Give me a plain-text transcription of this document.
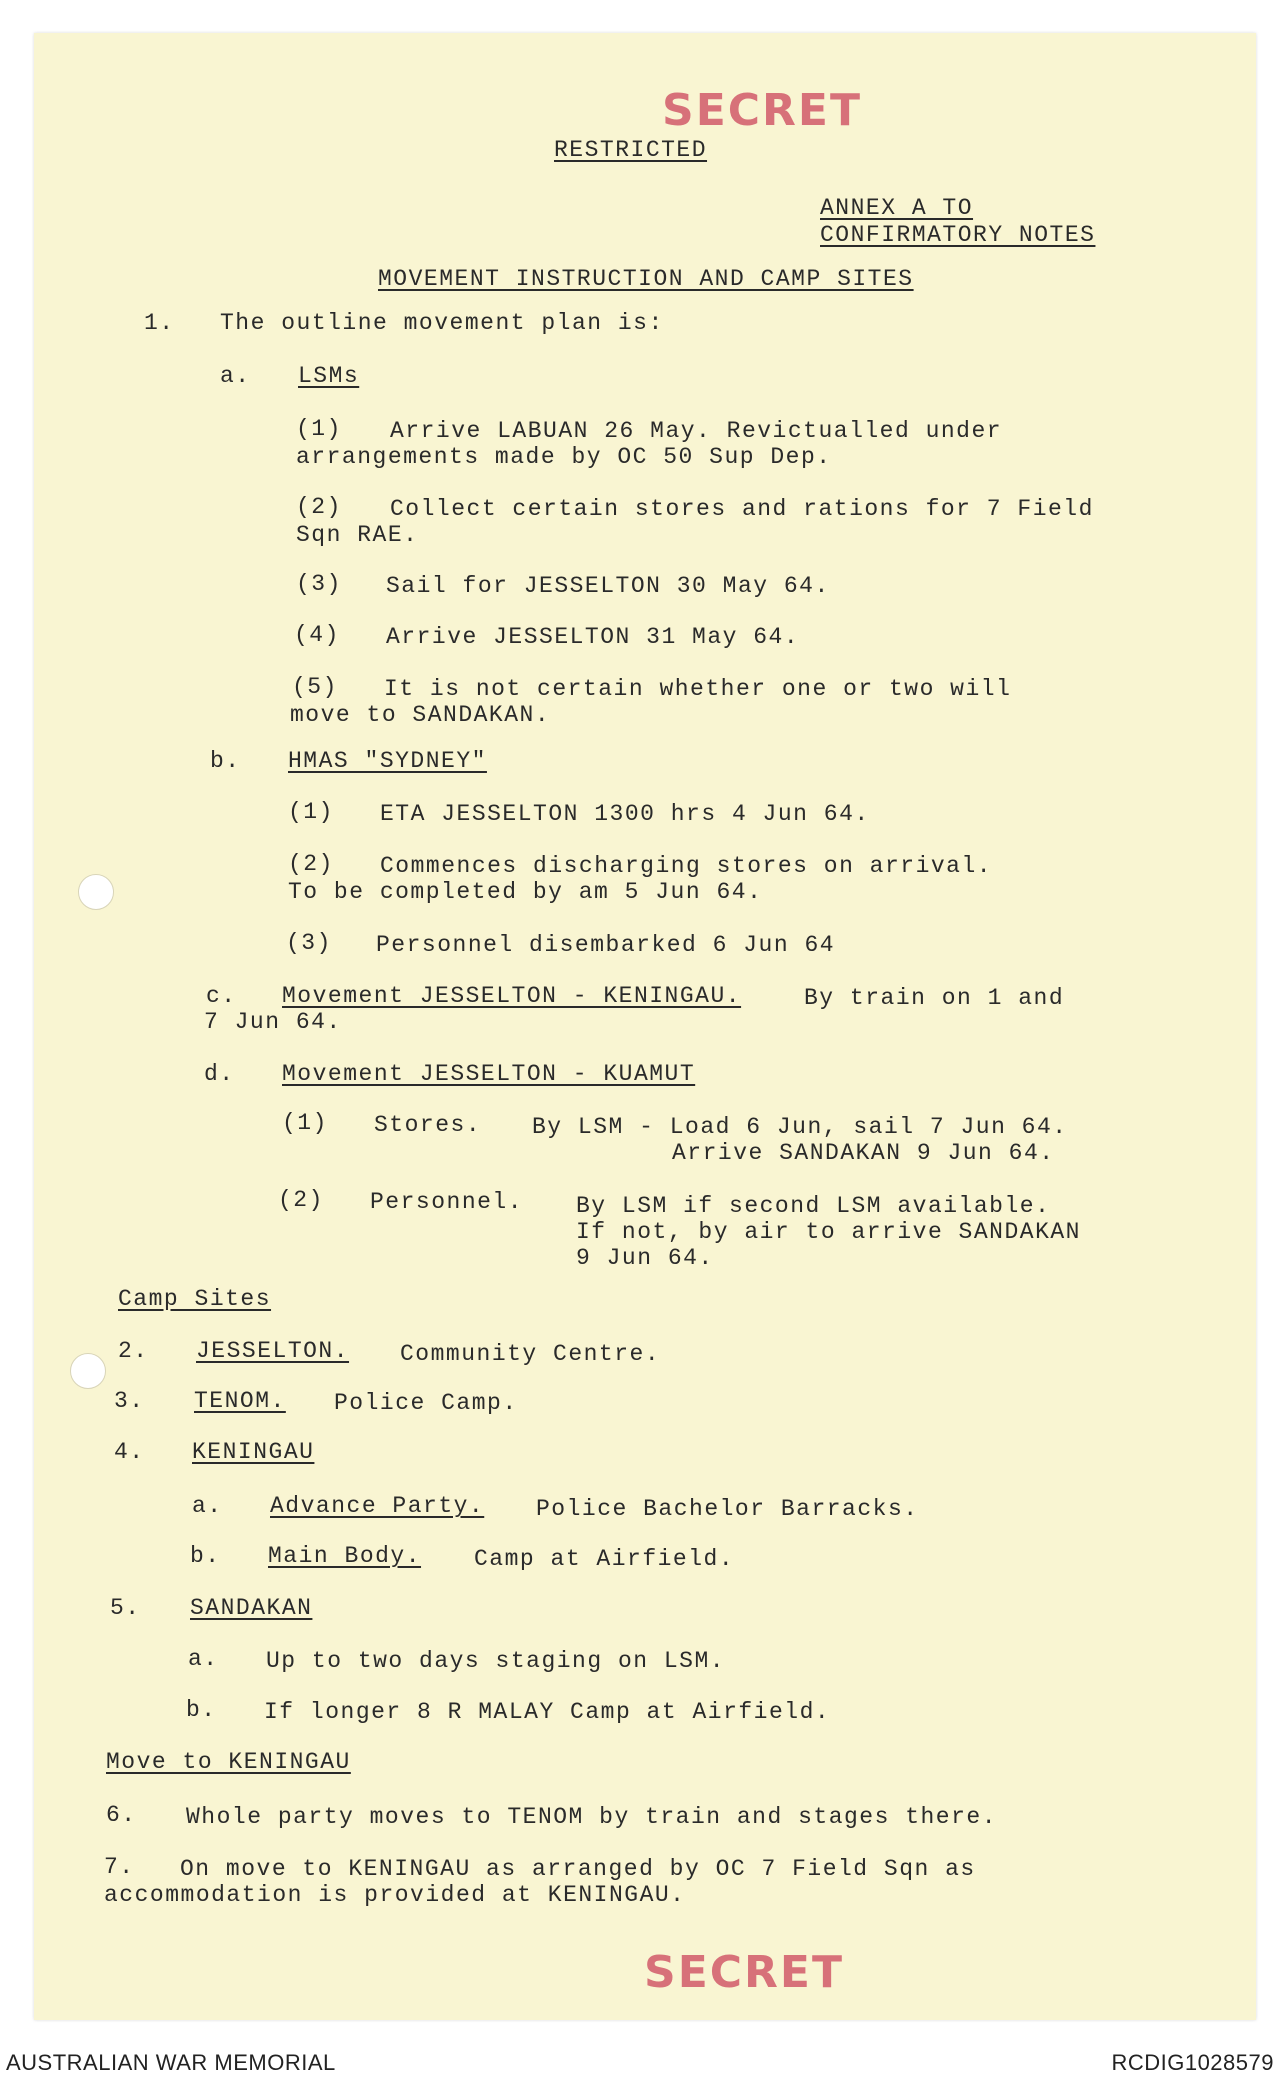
SECRET
RESTRICTED
ANNEX A TO
CONFIRMATORY NOTES
MOVEMENT INSTRUCTION AND CAMP SITES
1. The outline movement plan is:
a. LSMs
(1) Arrive LABUAN 26 May. Revictualled under
arrangements made by OC 50 Sup Dep.
(2) Collect certain stores and rations for 7 Field
Sqn RAE.
(3) Sail for JESSELTON 30 May 64.
(4) Arrive JESSELTON 31 May 64.
(5) It is not certain whether one or two will
move to SANDAKAN.
b. HMAS "SYDNEY"
(1) ETA JESSELTON 1300 hrs 4 Jun 64.
(2) Commences discharging stores on arrival.
To be completed by am 5 Jun 64.
(3) Personnel disembarked 6 Jun 64
c. Movement JESSELTON - KENINGAU.	By train on 1 and
7 Jun 64.
d. Movement JESSELTON - KUAMUT
(1) Stores. By LSM - Load 6 Jun, sail 7 Jun 64.
Arrive SANDAKAN 9 Jun 64.
(2) Personnel. By LSM if second LSM available.
If not, by air to arrive SANDAKAN
9 Jun 64.
Camp Sites
2. JESSELTON. Community Centre.
3. TENOM. Police Camp.
4. KENINGAU
a. Advance Party. Police Bachelor Barracks.
b. Main Body. Camp at Airfield.
5. SANDAKAN
a. Up to two days staging on LSM.
b. If longer 8 R MALAY Camp at Airfield.
Move to KENINGAU
6. Whole party moves to TENOM by train and stages there.
7. On move to KENINGAU as arranged by OC 7 Field Sqn as
accommodation is provided at KENINGAU.
SECRET
AUSTRALIAN WAR MEMORIAL	RCDIG1028579
